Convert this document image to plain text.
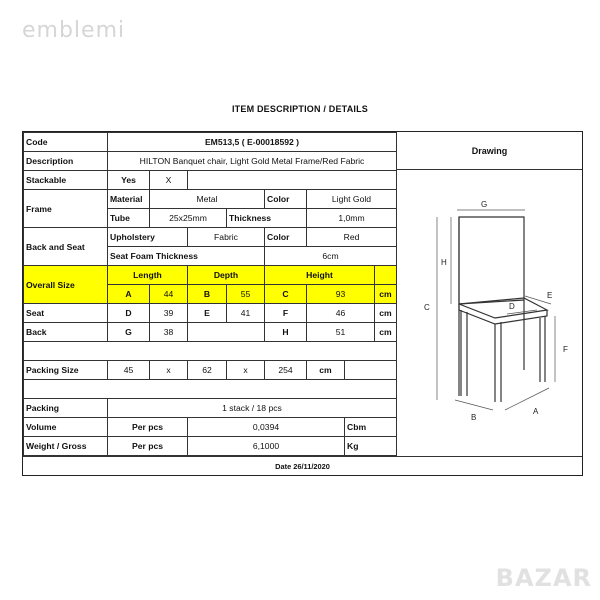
emblemi
BAZAR
ITEM DESCRIPTION / DETAILS
Code	EM513,5 ( E-00018592 )							
Description	HILTON Banquet chair, Light Gold Metal Frame/Red Fabric							
Stackable	Yes	X						
Frame	Material	Metal			Color	Light Gold		
	Tube	25x25mm		Thickness		1,0mm		
Back and Seat	Upholstery		Fabric		Color	Red		
	Seat Foam Thickness				6cm			
Overall Size	Length		Depth		Height			
	A	44	B	55	C	93		cm
Seat	D	39	E	41	F	46		cm
Back	G	38			H	51		cm

Packing Size	45	x	62	x	254	cm		

Packing	1 stack / 18 pcs							
Volume	Per pcs		0,0394				Cbm	
Weight / Gross	Per pcs		6,1000				Kg	
Drawing
G
H
C	D
E
F
B
A
Date 26/11/2020
